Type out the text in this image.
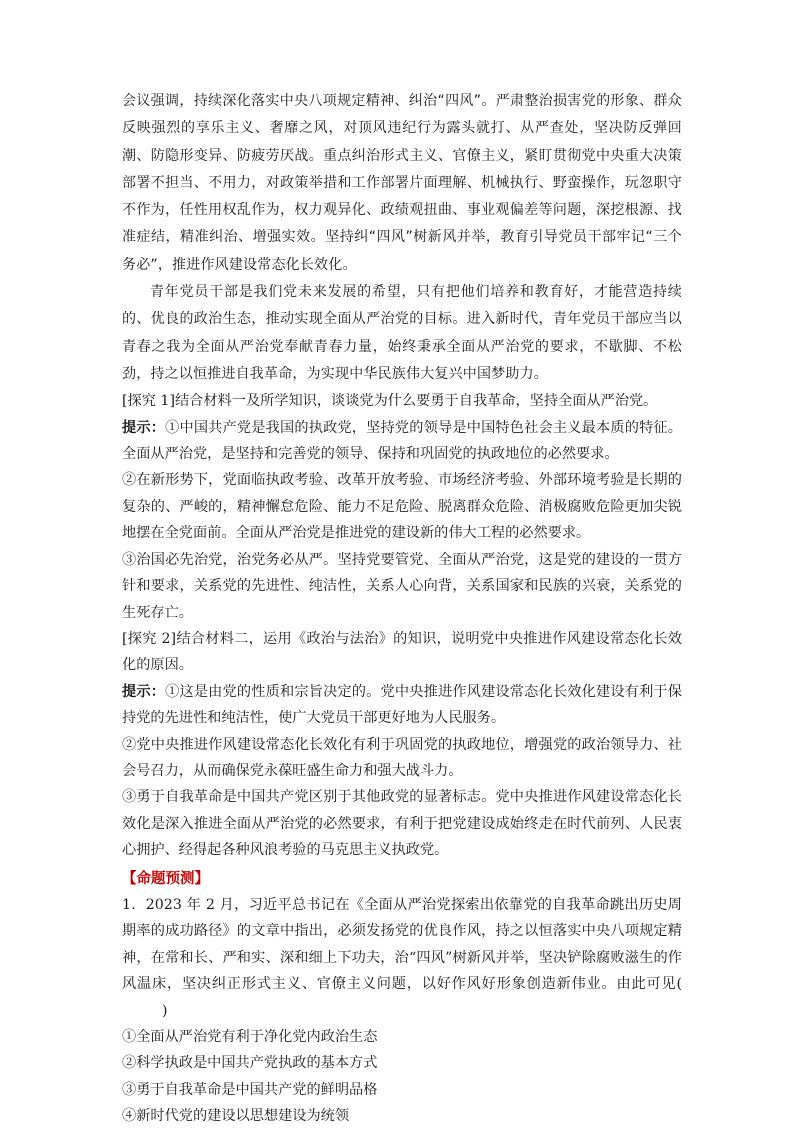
会议强调，持续深化落实中央八项规定精神、纠治“四风”。严肃整治损害党的形象、群众反映强烈的享乐主义、奢靡之风，对顶风违纪行为露头就打、从严查处，坚决防反弹回潮、防隐形变异、防疲劳厌战。重点纠治形式主义、官僚主义，紧盯贯彻党中央重大决策部署不担当、不用力，对政策举措和工作部署片面理解、机械执行、野蛮操作，玩忽职守不作为，任性用权乱作为，权力观异化、政绩观扭曲、事业观偏差等问题，深挖根源、找准症结，精准纠治、增强实效。坚持纠“四风”树新风并举，教育引导党员干部牢记“三个务必”，推进作风建设常态化长效化。

青年党员干部是我们党未来发展的希望，只有把他们培养和教育好，才能营造持续的、优良的政治生态，推动实现全面从严治党的目标。进入新时代，青年党员干部应当以青春之我为全面从严治党奉献青春力量，始终秉承全面从严治党的要求，不歇脚、不松劲，持之以恒推进自我革命，为实现中华民族伟大复兴中国梦助力。

[探究 1]结合材料一及所学知识，谈谈党为什么要勇于自我革命，坚持全面从严治党。

提示：①中国共产党是我国的执政党，坚持党的领导是中国特色社会主义最本质的特征。全面从严治党，是坚持和完善党的领导、保持和巩固党的执政地位的必然要求。

②在新形势下，党面临执政考验、改革开放考验、市场经济考验、外部环境考验是长期的复杂的、严峻的，精神懈怠危险、能力不足危险、脱离群众危险、消极腐败危险更加尖锐地摆在全党面前。全面从严治党是推进党的建设新的伟大工程的必然要求。

③治国必先治党，治党务必从严。坚持党要管党、全面从严治党，这是党的建设的一贯方针和要求，关系党的先进性、纯洁性，关系人心向背，关系国家和民族的兴衰，关系党的生死存亡。

[探究 2]结合材料二，运用《政治与法治》的知识，说明党中央推进作风建设常态化长效化的原因。

提示：①这是由党的性质和宗旨决定的。党中央推进作风建设常态化长效化建设有利于保持党的先进性和纯洁性，使广大党员干部更好地为人民服务。

②党中央推进作风建设常态化长效化有利于巩固党的执政地位，增强党的政治领导力、社会号召力，从而确保党永葆旺盛生命力和强大战斗力。

③勇于自我革命是中国共产党区别于其他政党的显著标志。党中央推进作风建设常态化长效化是深入推进全面从严治党的必然要求，有利于把党建设成始终走在时代前列、人民衷心拥护、经得起各种风浪考验的马克思主义执政党。

【命题预测】

1．2023 年 2 月，习近平总书记在《全面从严治党探索出依靠党的自我革命跳出历史周期率的成功路径》的文章中指出，必须发扬党的优良作风，持之以恒落实中央八项规定精神，在常和长、严和实、深和细上下功夫，治“四风”树新风并举，坚决铲除腐败滋生的作风温床，坚决纠正形式主义、官僚主义问题，以好作风好形象创造新伟业。由此可见()

①全面从严治党有利于净化党内政治生态

②科学执政是中国共产党执政的基本方式

③勇于自我革命是中国共产党的鲜明品格

④新时代党的建设以思想建设为统领
